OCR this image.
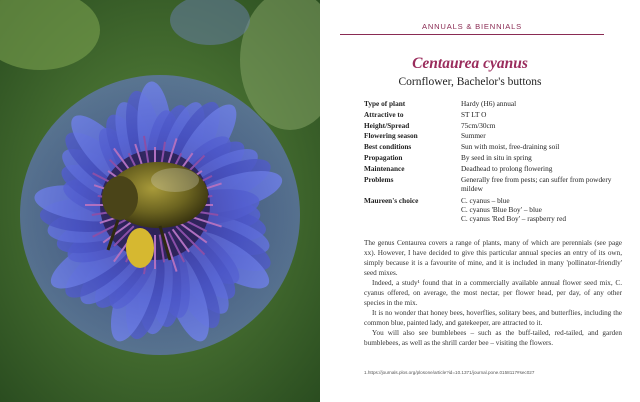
ANNUALS & BIENNIALS
Centaurea cyanus
Cornflower, Bachelor's buttons
Type of plant	Hardy (H6) annual
Attractive to	ST LT O
Height/Spread	75cm/30cm
Flowering season	Summer
Best conditions	Sun with moist, free-draining soil
Propagation	By seed in situ in spring
Maintenance	Deadhead to prolong flowering
Problems	Generally free from pests; can suffer from powdery mildew
Maureen's choice	C. cyanus – blue
C. cyanus 'Blue Boy' – blue
C. cyanus 'Red Boy' – raspberry red

The genus Centaurea covers a range of plants, many of which are perennials (see page xx). However, I have decided to give this particular annual species an entry of its own, simply because it is a favourite of mine, and it is included in many 'pollinator-friendly' seed mixes.

Indeed, a study¹ found that in a commercially available annual flower seed mix, C. cyanus offered, on average, the most nectar, per flower head, per day, of any other species in the mix.

It is no wonder that honey bees, hoverflies, solitary bees, and butterflies, including the common blue, painted lady, and gatekeeper, are attracted to it.

You will also see bumblebees – such as the buff-tailed, red-tailed, and garden bumblebees, as well as the shrill carder bee – visiting the flowers.

1.https://journals.plos.org/plosone/article?id=10.1371/journal.pone.0158117#sec027
